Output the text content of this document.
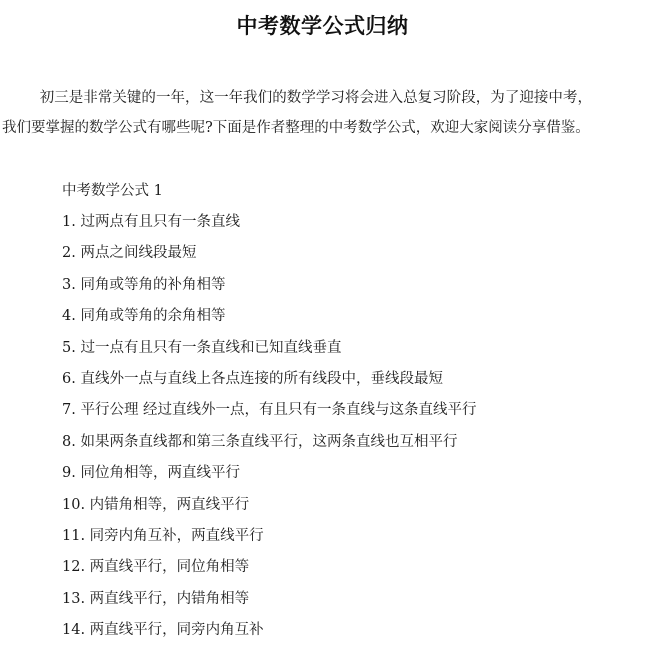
中考数学公式归纳

初三是非常关键的一年，这一年我们的数学学习将会进入总复习阶段，为了迎接中考，我们要掌握的数学公式有哪些呢?下面是作者整理的中考数学公式，欢迎大家阅读分享借鉴。

中考数学公式 1
1. 过两点有且只有一条直线
2. 两点之间线段最短
3. 同角或等角的补角相等
4. 同角或等角的余角相等
5. 过一点有且只有一条直线和已知直线垂直
6. 直线外一点与直线上各点连接的所有线段中，垂线段最短
7. 平行公理 经过直线外一点，有且只有一条直线与这条直线平行
8. 如果两条直线都和第三条直线平行，这两条直线也互相平行
9. 同位角相等，两直线平行
10. 内错角相等，两直线平行
11. 同旁内角互补，两直线平行
12. 两直线平行，同位角相等
13. 两直线平行，内错角相等
14. 两直线平行，同旁内角互补
